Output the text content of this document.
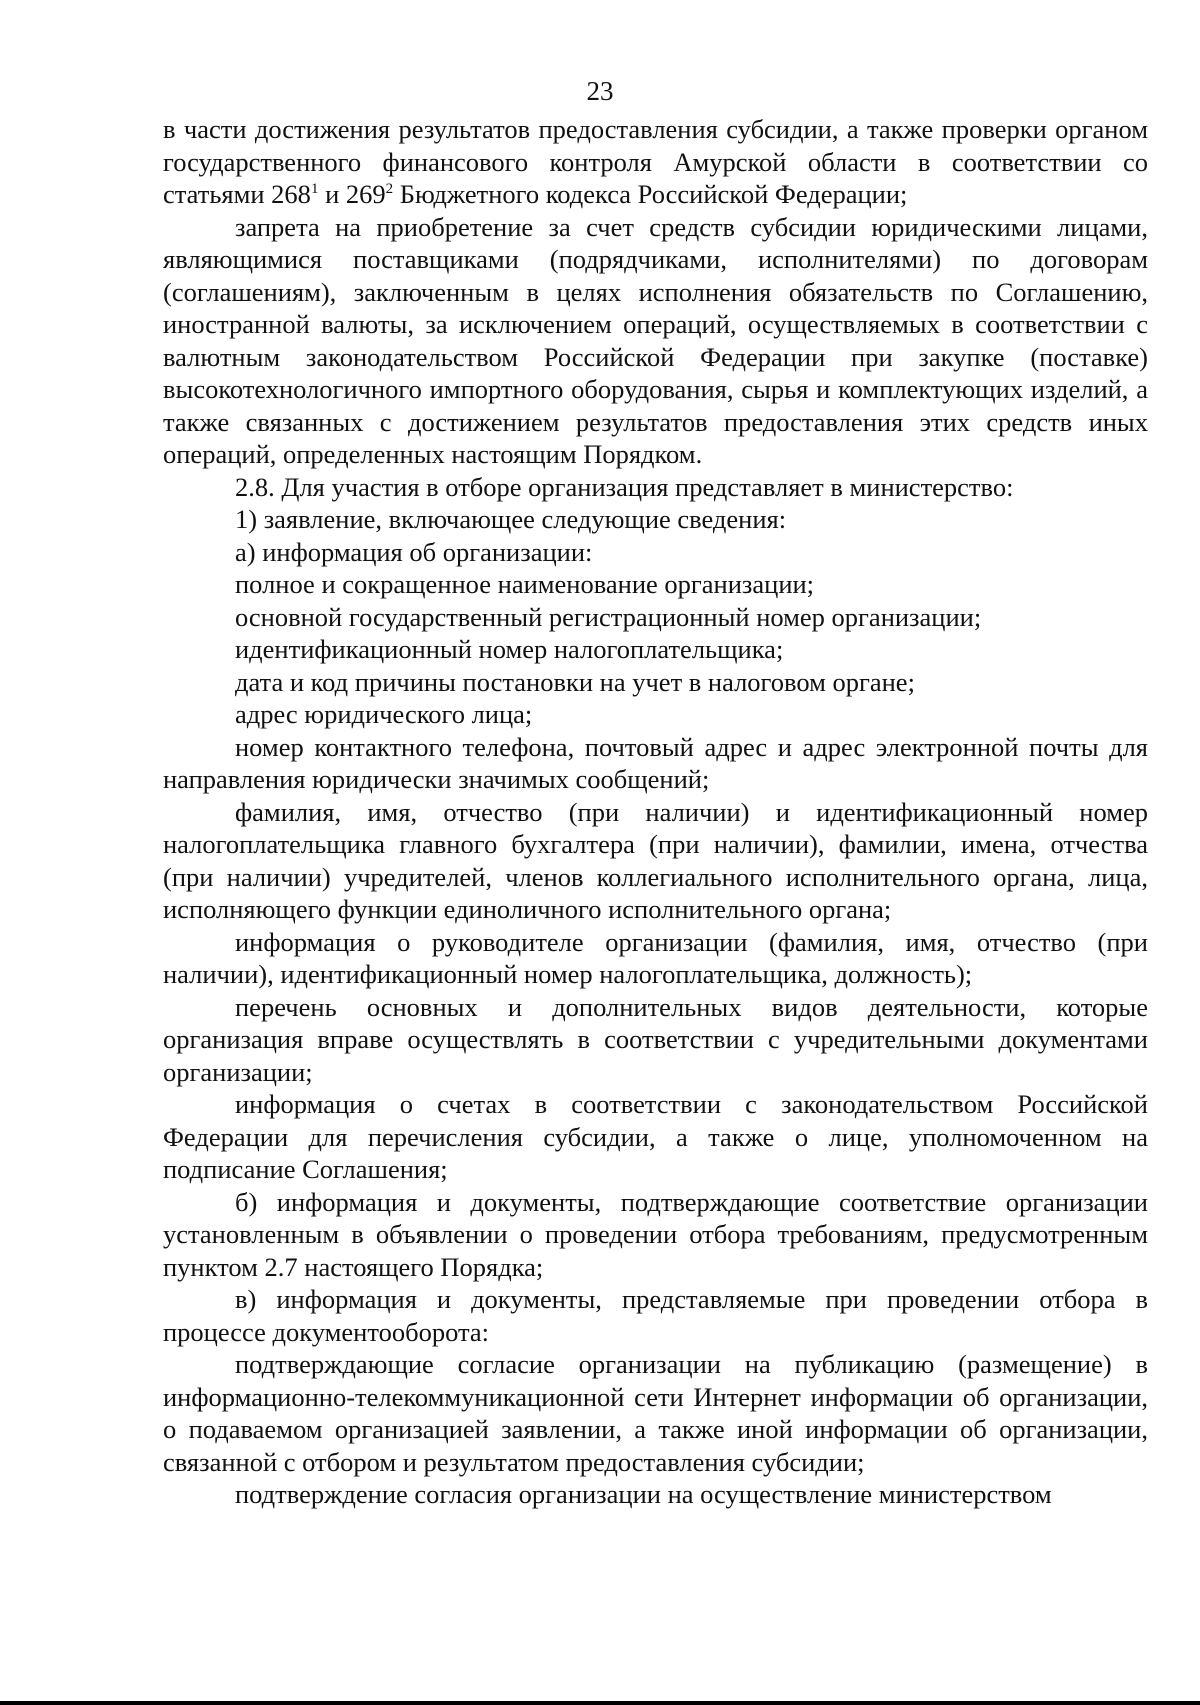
23

в части достижения результатов предоставления субсидии, а также проверки органом государственного финансового контроля Амурской области в соответствии со статьями $268^1$ и $269^2$ Бюджетного кодекса Российской Федерации;

запрета на приобретение за счет средств субсидии юридическими лицами, являющимися поставщиками (подрядчиками, исполнителями) по договорам (соглашениям), заключенным в целях исполнения обязательств по Соглашению, иностранной валюты, за исключением операций, осуществляемых в соответствии с валютным законодательством Российской Федерации при закупке (поставке) высокотехнологичного импортного оборудования, сырья и комплектующих изделий, а также связанных с достижением результатов предоставления этих средств иных операций, определенных настоящим Порядком.

2.8. Для участия в отборе организация представляет в министерство:

1) заявление, включающее следующие сведения:

а) информация об организации:

полное и сокращенное наименование организации;

основной государственный регистрационный номер организации;

идентификационный номер налогоплательщика;

дата и код причины постановки на учет в налоговом органе;

адрес юридического лица;

номер контактного телефона, почтовый адрес и адрес электронной почты для направления юридически значимых сообщений;

фамилия, имя, отчество (при наличии) и идентификационный номер налогоплательщика главного бухгалтера (при наличии), фамилии, имена, отчества (при наличии) учредителей, членов коллегиального исполнительного органа, лица, исполняющего функции единоличного исполнительного органа;

информация о руководителе организации (фамилия, имя, отчество (при наличии), идентификационный номер налогоплательщика, должность);

перечень основных и дополнительных видов деятельности, которые организация вправе осуществлять в соответствии с учредительными документами организации;

информация о счетах в соответствии с законодательством Российской Федерации для перечисления субсидии, а также о лице, уполномоченном на подписание Соглашения;

б) информация и документы, подтверждающие соответствие организации установленным в объявлении о проведении отбора требованиям, предусмотренным пунктом 2.7 настоящего Порядка;

в) информация и документы, представляемые при проведении отбора в процессе документооборота:

подтверждающие согласие организации на публикацию (размещение) в информационно-телекоммуникационной сети Интернет информации об организации, о подаваемом организацией заявлении, а также иной информации об организации, связанной с отбором и результатом предоставления субсидии;

подтверждение согласия организации на осуществление министерством
